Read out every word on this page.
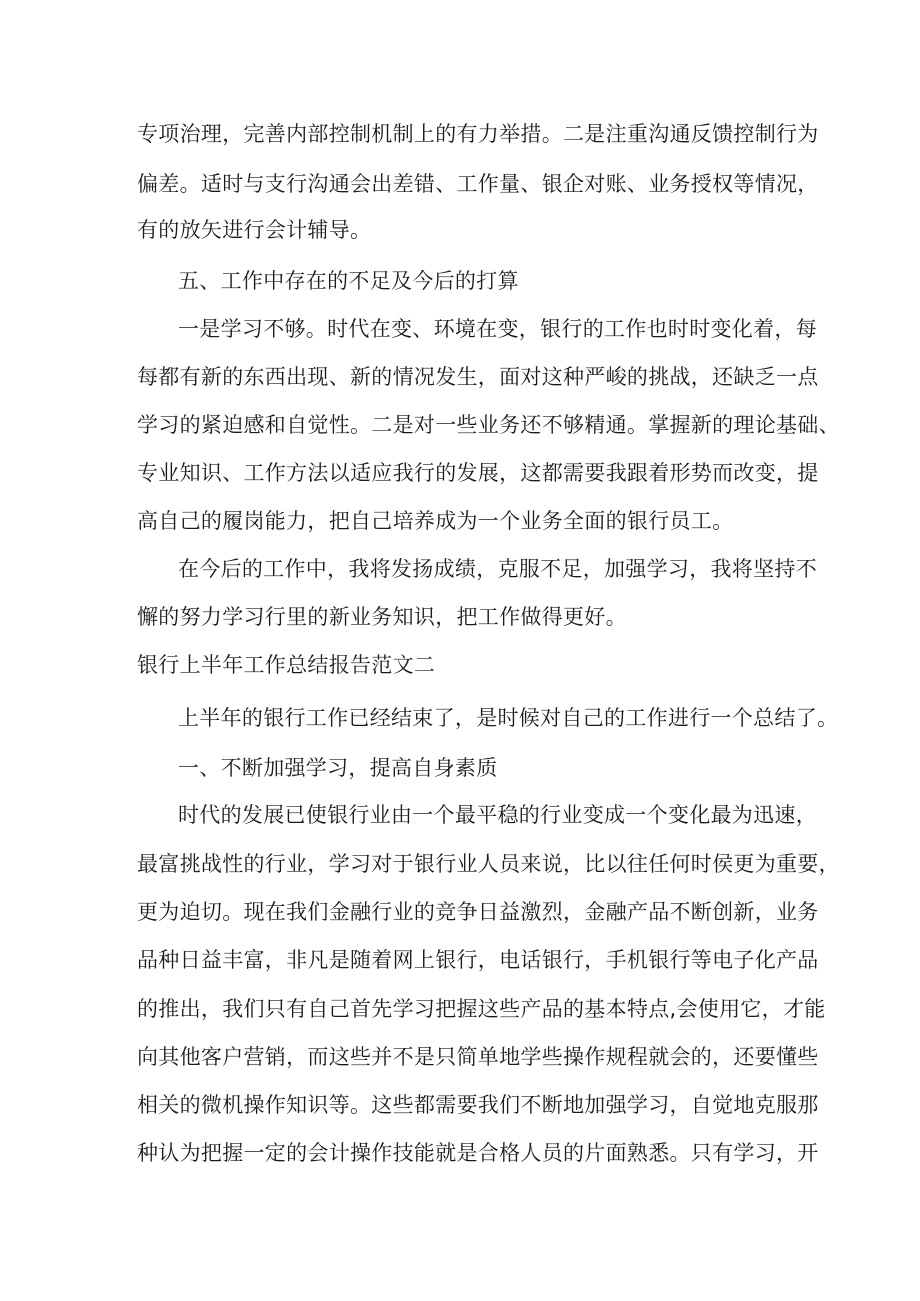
专项治理，完善内部控制机制上的有力举措。二是注重沟通反馈控制行为
偏差。适时与支行沟通会出差错、工作量、银企对账、业务授权等情况，
有的放矢进行会计辅导。
五、工作中存在的不足及今后的打算
一是学习不够。时代在变、环境在变，银行的工作也时时变化着，每
每都有新的东西出现、新的情况发生，面对这种严峻的挑战，还缺乏一点
学习的紧迫感和自觉性。二是对一些业务还不够精通。掌握新的理论基础、
专业知识、工作方法以适应我行的发展，这都需要我跟着形势而改变，提
高自己的履岗能力，把自己培养成为一个业务全面的银行员工。
在今后的工作中，我将发扬成绩，克服不足，加强学习，我将坚持不
懈的努力学习行里的新业务知识，把工作做得更好。
银行上半年工作总结报告范文二
上半年的银行工作已经结束了，是时候对自己的工作进行一个总结了。
一、不断加强学习，提高自身素质
时代的发展已使银行业由一个最平稳的行业变成一个变化最为迅速，
最富挑战性的行业，学习对于银行业人员来说，比以往任何时侯更为重要，
更为迫切。现在我们金融行业的竞争日益激烈，金融产品不断创新，业务
品种日益丰富，非凡是随着网上银行，电话银行，手机银行等电子化产品
的推出，我们只有自己首先学习把握这些产品的基本特点,会使用它，才能
向其他客户营销，而这些并不是只简单地学些操作规程就会的，还要懂些
相关的微机操作知识等。这些都需要我们不断地加强学习，自觉地克服那
种认为把握一定的会计操作技能就是合格人员的片面熟悉。只有学习，开
